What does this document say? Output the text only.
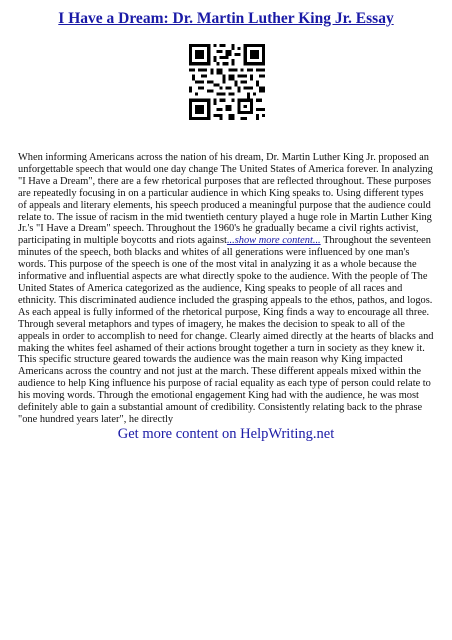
I Have a Dream: Dr. Martin Luther King Jr. Essay
When informing Americans across the nation of his dream, Dr. Martin Luther King Jr. proposed an unforgettable speech that would one day change The United States of America forever. In analyzing "I Have a Dream", there are a few rhetorical purposes that are reflected throughout. These purposes are repeatedly focusing in on a particular audience in which King speaks to. Using different types of appeals and literary elements, his speech produced a meaningful purpose that the audience could relate to. The issue of racism in the mid twentieth century played a huge role in Martin Luther King Jr.'s "I Have a Dream" speech. Throughout the 1960's he gradually became a civil rights activist, participating in multiple boycotts and riots against...show more content... Throughout the seventeen minutes of the speech, both blacks and whites of all generations were influenced by one man's words. This purpose of the speech is one of the most vital in analyzing it as a whole because the informative and influential aspects are what directly spoke to the audience. With the people of The United States of America categorized as the audience, King speaks to people of all races and ethnicity. This discriminated audience included the grasping appeals to the ethos, pathos, and logos. As each appeal is fully informed of the rhetorical purpose, King finds a way to encourage all three. Through several metaphors and types of imagery, he makes the decision to speak to all of the appeals in order to accomplish to need for change. Clearly aimed directly at the hearts of blacks and making the whites feel ashamed of their actions brought together a turn in society as they knew it. This specific structure geared towards the audience was the main reason why King impacted Americans across the country and not just at the march. These different appeals mixed within the audience to help King influence his purpose of racial equality as each type of person could relate to his moving words. Through the emotional engagement King had with the audience, he was most definitely able to gain a substantial amount of credibility. Consistently relating back to the phrase "one hundred years later", he directly
Get more content on HelpWriting.net
